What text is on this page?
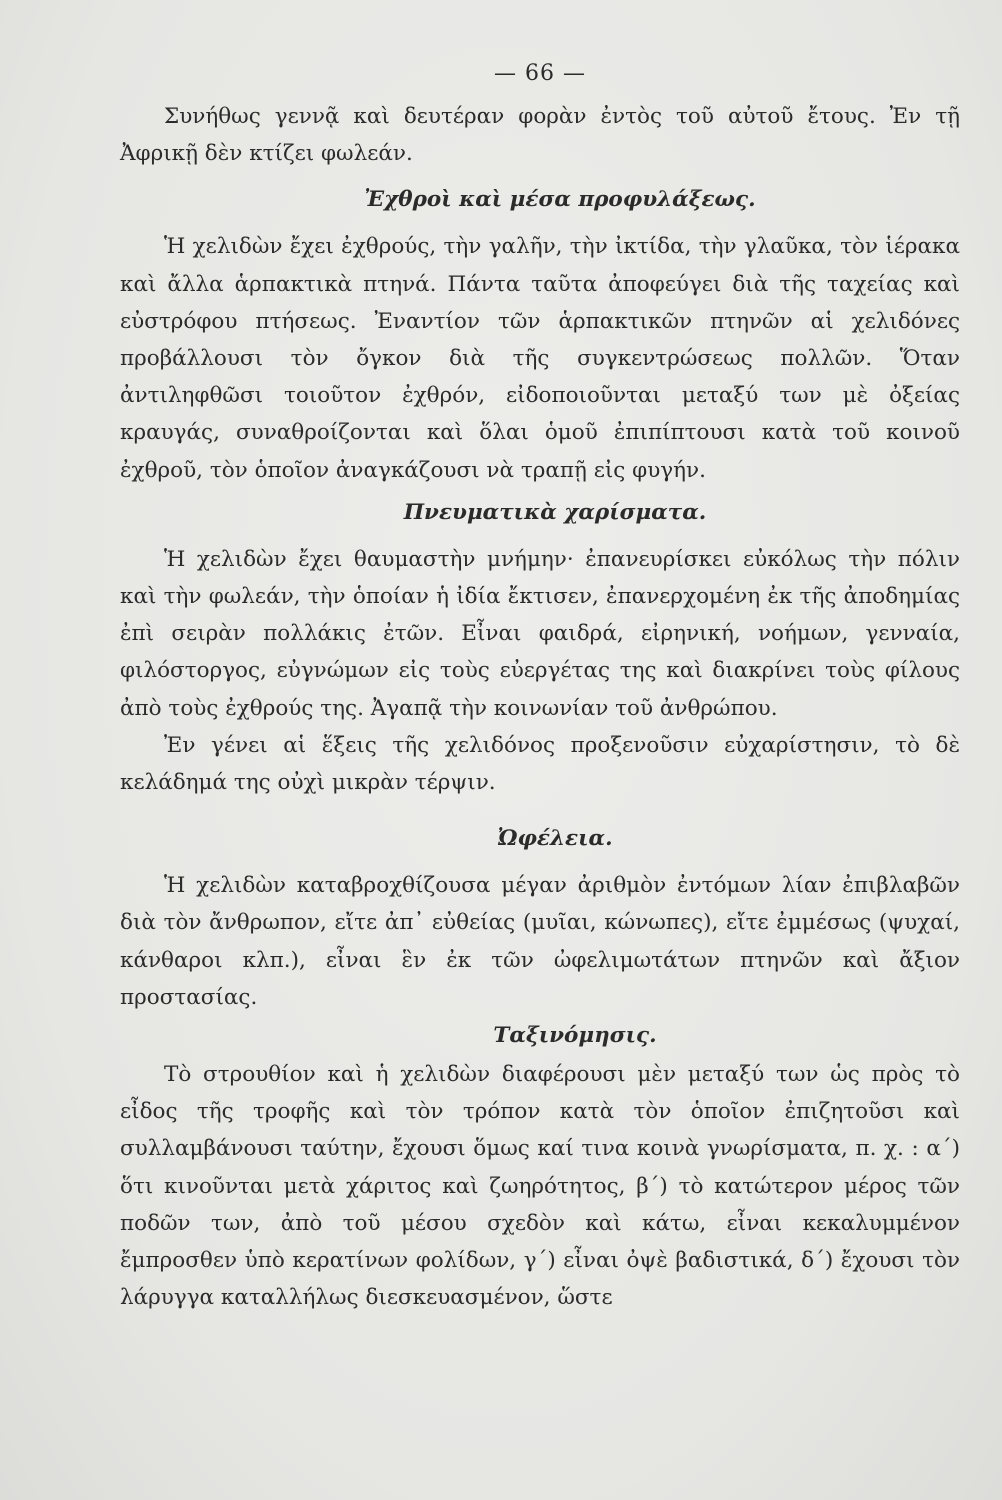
— 66 —

Συνήθως γεννᾷ καὶ δευτέραν φορὰν ἐντὸς τοῦ αὐτοῦ ἔτους. Ἐν τῇ Ἀφρικῇ δὲν κτίζει φωλεάν.

Ἐχθροὶ καὶ μέσα προφυλάξεως.

Ἡ χελιδὼν ἔχει ἐχθρούς, τὴν γαλῆν, τὴν ἰκτίδα, τὴν γλαῦκα, τὸν ἱέρακα καὶ ἄλλα ἁρπακτικὰ πτηνά. Πάντα ταῦτα ἀποφεύγει διὰ τῆς ταχείας καὶ εὐστρόφου πτήσεως. Ἐναντίον τῶν ἁρπακτικῶν πτηνῶν αἱ χελιδόνες προβάλλουσι τὸν ὄγκον διὰ τῆς συγκεντρώσεως πολλῶν. Ὅταν ἀντιληφθῶσι τοιοῦτον ἐχθρόν, εἰδοποιοῦνται μεταξύ των μὲ ὀξείας κραυγάς, συναθροίζονται καὶ ὅλαι ὁμοῦ ἐπιπίπτουσι κατὰ τοῦ κοινοῦ ἐχθροῦ, τὸν ὁποῖον ἀναγκάζουσι νὰ τραπῇ εἰς φυγήν.

Πνευματικὰ χαρίσματα.

Ἡ χελιδὼν ἔχει θαυμαστὴν μνήμην· ἐπανευρίσκει εὐκόλως τὴν πόλιν καὶ τὴν φωλεάν, τὴν ὁποίαν ἡ ἰδία ἔκτισεν, ἐπανερχομένη ἐκ τῆς ἀποδημίας ἐπὶ σειρὰν πολλάκις ἐτῶν. Εἶναι φαιδρά, εἰρηνική, νοήμων, γενναία, φιλόστοργος, εὐγνώμων εἰς τοὺς εὐεργέτας της καὶ διακρίνει τοὺς φίλους ἀπὸ τοὺς ἐχθρούς της. Ἀγαπᾷ τὴν κοινωνίαν τοῦ ἀνθρώπου.

Ἐν γένει αἱ ἕξεις τῆς χελιδόνος προξενοῦσιν εὐχαρίστησιν, τὸ δὲ κελάδημά της οὐχὶ μικρὰν τέρψιν.

Ὠφέλεια.

Ἡ χελιδὼν καταβροχθίζουσα μέγαν ἀριθμὸν ἐντόμων λίαν ἐπιβλαβῶν διὰ τὸν ἄνθρωπον, εἴτε ἀπ᾽ εὐθείας (μυῖαι, κώνωπες), εἴτε ἐμμέσως (ψυχαί, κάνθαροι κλπ.), εἶναι ἓν ἐκ τῶν ὠφελιμωτάτων πτηνῶν καὶ ἄξιον προστασίας.

Ταξινόμησις.

Τὸ στρουθίον καὶ ἡ χελιδὼν διαφέρουσι μὲν μεταξύ των ὡς πρὸς τὸ εἶδος τῆς τροφῆς καὶ τὸν τρόπον κατὰ τὸν ὁποῖον ἐπιζητοῦσι καὶ συλλαμβάνουσι ταύτην, ἔχουσι ὅμως καί τινα κοινὰ γνωρίσματα, π. χ. : α΄) ὅτι κινοῦνται μετὰ χάριτος καὶ ζωηρότητος, β΄) τὸ κατώτερον μέρος τῶν ποδῶν των, ἀπὸ τοῦ μέσου σχεδὸν καὶ κάτω, εἶναι κεκαλυμμένον ἔμπροσθεν ὑπὸ κερατίνων φολίδων, γ΄) εἶναι ὀψὲ βαδιστικά, δ΄) ἔχουσι τὸν λάρυγγα καταλλήλως διεσκευασμένον, ὥστε
